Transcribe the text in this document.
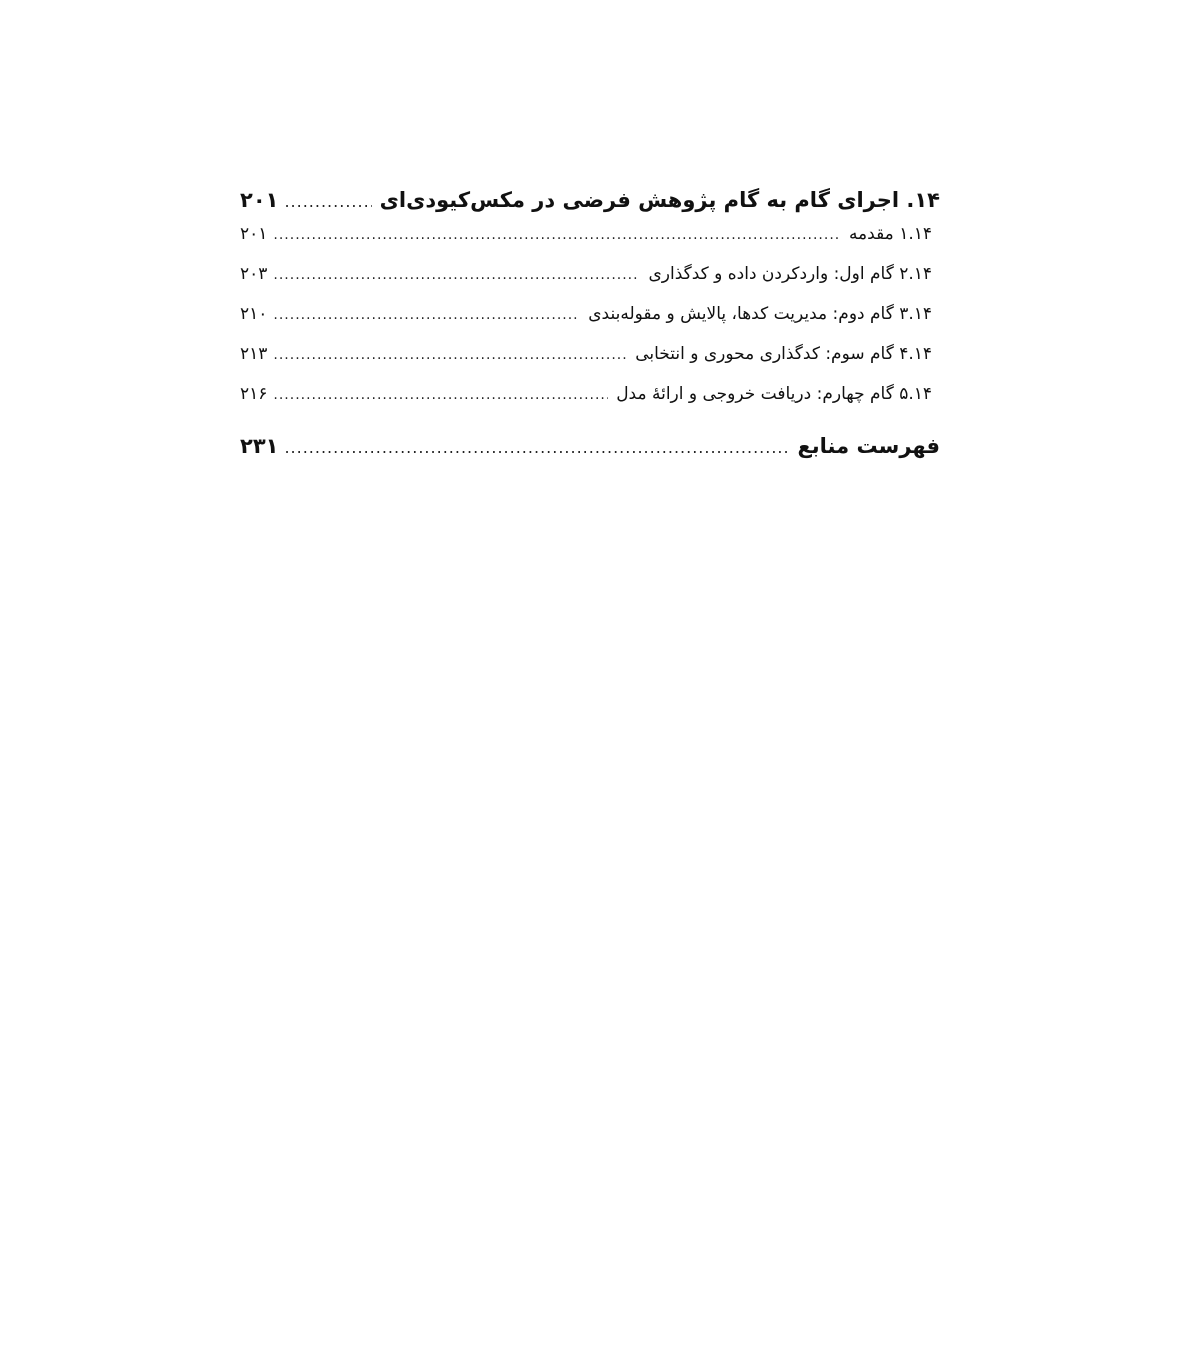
۱۴. اجرای گام به گام پژوهش فرضی در مکس‌کیودی‌ای
.....
۲۰۱
۱.۱۴ مقدمه
.....
۲۰۱
۲.۱۴ گام اول: واردکردن داده و کدگذاری
.....
۲۰۳
۳.۱۴ گام دوم: مدیریت کدها، پالایش و مقوله‌بندی
.....
۲۱۰
۴.۱۴ گام سوم: کدگذاری محوری و انتخابی
.....
۲۱۳
۵.۱۴ گام چهارم: دریافت خروجی و ارائهٔ مدل
.....
۲۱۶
فهرست منابع
.....
۲۳۱
